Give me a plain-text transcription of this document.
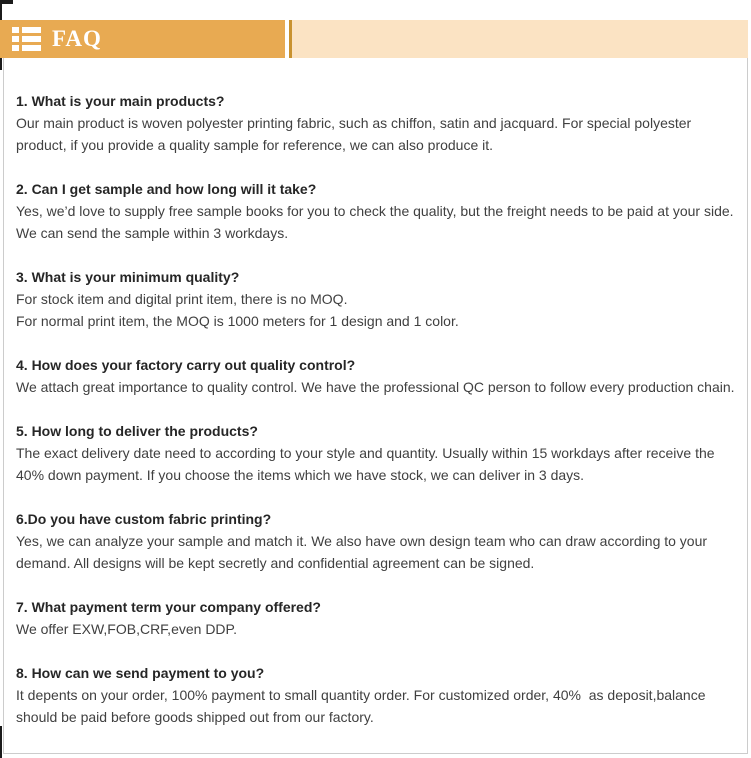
FAQ
1. What is your main products?
Our main product is woven polyester printing fabric, such as chiffon, satin and jacquard. For special polyester product, if you provide a quality sample for reference, we can also produce it.
2. Can I get sample and how long will it take?
Yes, we’d love to supply free sample books for you to check the quality, but the freight needs to be paid at your side. We can send the sample within 3 workdays.
3. What is your minimum quality?
For stock item and digital print item, there is no MOQ.
For normal print item, the MOQ is 1000 meters for 1 design and 1 color.
4. How does your factory carry out quality control?
We attach great importance to quality control. We have the professional QC person to follow every production chain.
5. How long to deliver the products?
The exact delivery date need to according to your style and quantity. Usually within 15 workdays after receive the 40% down payment. If you choose the items which we have stock, we can deliver in 3 days.
6.Do you have custom fabric printing?
Yes, we can analyze your sample and match it. We also have own design team who can draw according to your demand. All designs will be kept secretly and confidential agreement can be signed.
7. What payment term your company offered?
We offer EXW,FOB,CRF,even DDP.
8. How can we send payment to you?
It depents on your order, 100% payment to small quantity order. For customized order, 40%  as deposit,balance should be paid before goods shipped out from our factory.
